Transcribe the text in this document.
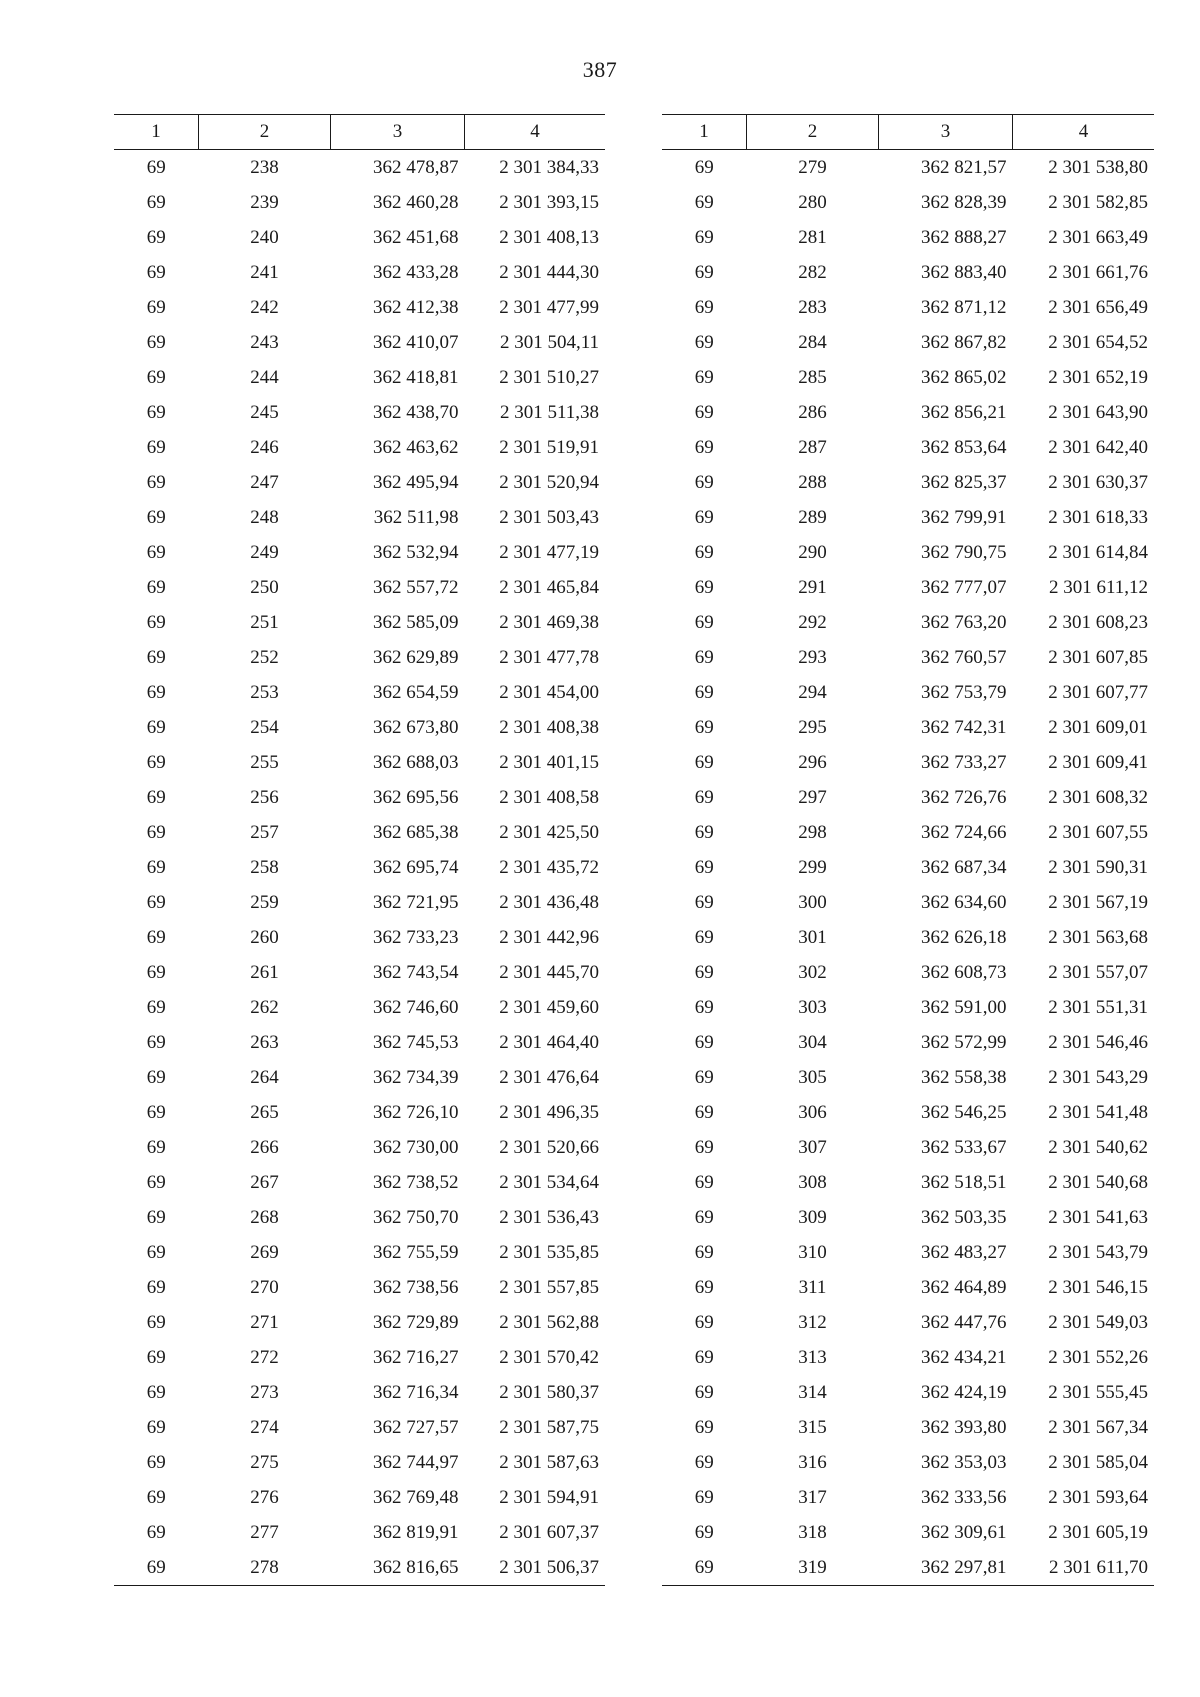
387
1	2	3	4
69	238	362 478,87	2 301 384,33
69	239	362 460,28	2 301 393,15
69	240	362 451,68	2 301 408,13
69	241	362 433,28	2 301 444,30
69	242	362 412,38	2 301 477,99
69	243	362 410,07	2 301 504,11
69	244	362 418,81	2 301 510,27
69	245	362 438,70	2 301 511,38
69	246	362 463,62	2 301 519,91
69	247	362 495,94	2 301 520,94
69	248	362 511,98	2 301 503,43
69	249	362 532,94	2 301 477,19
69	250	362 557,72	2 301 465,84
69	251	362 585,09	2 301 469,38
69	252	362 629,89	2 301 477,78
69	253	362 654,59	2 301 454,00
69	254	362 673,80	2 301 408,38
69	255	362 688,03	2 301 401,15
69	256	362 695,56	2 301 408,58
69	257	362 685,38	2 301 425,50
69	258	362 695,74	2 301 435,72
69	259	362 721,95	2 301 436,48
69	260	362 733,23	2 301 442,96
69	261	362 743,54	2 301 445,70
69	262	362 746,60	2 301 459,60
69	263	362 745,53	2 301 464,40
69	264	362 734,39	2 301 476,64
69	265	362 726,10	2 301 496,35
69	266	362 730,00	2 301 520,66
69	267	362 738,52	2 301 534,64
69	268	362 750,70	2 301 536,43
69	269	362 755,59	2 301 535,85
69	270	362 738,56	2 301 557,85
69	271	362 729,89	2 301 562,88
69	272	362 716,27	2 301 570,42
69	273	362 716,34	2 301 580,37
69	274	362 727,57	2 301 587,75
69	275	362 744,97	2 301 587,63
69	276	362 769,48	2 301 594,91
69	277	362 819,91	2 301 607,37
69	278	362 816,65	2 301 506,37
1	2	3	4
69	279	362 821,57	2 301 538,80
69	280	362 828,39	2 301 582,85
69	281	362 888,27	2 301 663,49
69	282	362 883,40	2 301 661,76
69	283	362 871,12	2 301 656,49
69	284	362 867,82	2 301 654,52
69	285	362 865,02	2 301 652,19
69	286	362 856,21	2 301 643,90
69	287	362 853,64	2 301 642,40
69	288	362 825,37	2 301 630,37
69	289	362 799,91	2 301 618,33
69	290	362 790,75	2 301 614,84
69	291	362 777,07	2 301 611,12
69	292	362 763,20	2 301 608,23
69	293	362 760,57	2 301 607,85
69	294	362 753,79	2 301 607,77
69	295	362 742,31	2 301 609,01
69	296	362 733,27	2 301 609,41
69	297	362 726,76	2 301 608,32
69	298	362 724,66	2 301 607,55
69	299	362 687,34	2 301 590,31
69	300	362 634,60	2 301 567,19
69	301	362 626,18	2 301 563,68
69	302	362 608,73	2 301 557,07
69	303	362 591,00	2 301 551,31
69	304	362 572,99	2 301 546,46
69	305	362 558,38	2 301 543,29
69	306	362 546,25	2 301 541,48
69	307	362 533,67	2 301 540,62
69	308	362 518,51	2 301 540,68
69	309	362 503,35	2 301 541,63
69	310	362 483,27	2 301 543,79
69	311	362 464,89	2 301 546,15
69	312	362 447,76	2 301 549,03
69	313	362 434,21	2 301 552,26
69	314	362 424,19	2 301 555,45
69	315	362 393,80	2 301 567,34
69	316	362 353,03	2 301 585,04
69	317	362 333,56	2 301 593,64
69	318	362 309,61	2 301 605,19
69	319	362 297,81	2 301 611,70
